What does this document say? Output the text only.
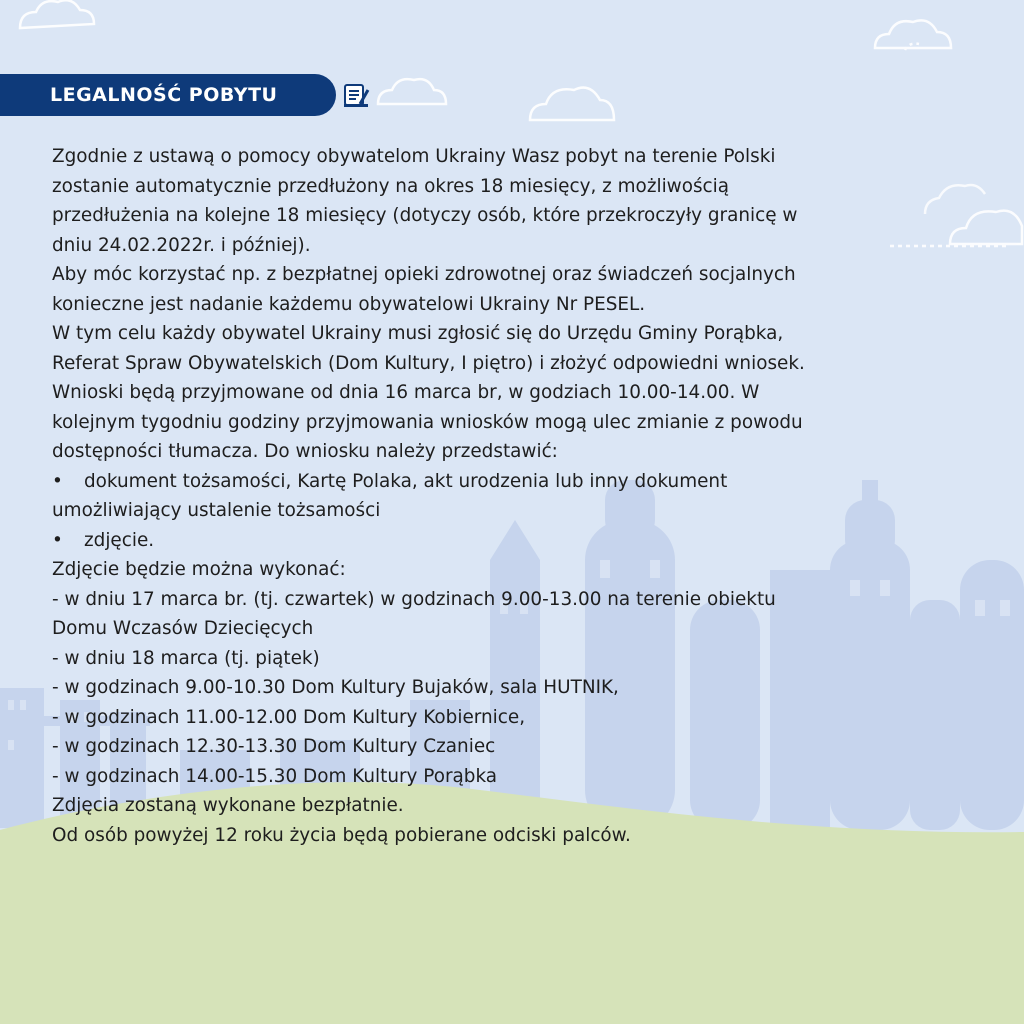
LEGALNOŚĆ POBYTU

Zgodnie z ustawą o pomocy obywatelom Ukrainy Wasz pobyt na terenie Polski

zostanie automatycznie przedłużony na okres 18 miesięcy, z możliwością

przedłużenia na kolejne 18 miesięcy (dotyczy osób, które przekroczyły granicę w

dniu 24.02.2022r. i później).

Aby móc korzystać np. z bezpłatnej opieki zdrowotnej oraz świadczeń socjalnych

konieczne jest nadanie każdemu obywatelowi Ukrainy Nr PESEL.

W tym celu każdy obywatel Ukrainy musi zgłosić się do Urzędu Gminy Porąbka,

Referat Spraw Obywatelskich (Dom Kultury, I piętro) i złożyć odpowiedni wniosek.

Wnioski będą przyjmowane od dnia 16 marca br, w godziach 10.00-14.00. W

kolejnym tygodniu godziny przyjmowania wniosków mogą ulec zmianie z powodu

dostępności tłumacza. Do wniosku należy przedstawić:

• dokument tożsamości, Kartę Polaka, akt urodzenia lub inny dokument

umożliwiający ustalenie tożsamości

• zdjęcie.

Zdjęcie będzie można wykonać:

- w dniu 17 marca br. (tj. czwartek) w godzinach 9.00-13.00 na terenie obiektu

Domu Wczasów Dziecięcych

- w dniu 18 marca (tj. piątek)

- w godzinach 9.00-10.30 Dom Kultury Bujaków, sala HUTNIK,

- w godzinach 11.00-12.00 Dom Kultury Kobiernice,

- w godzinach 12.30-13.30 Dom Kultury Czaniec

- w godzinach 14.00-15.30 Dom Kultury Porąbka

Zdjęcia zostaną wykonane bezpłatnie.

Od osób powyżej 12 roku życia będą pobierane odciski palców.
